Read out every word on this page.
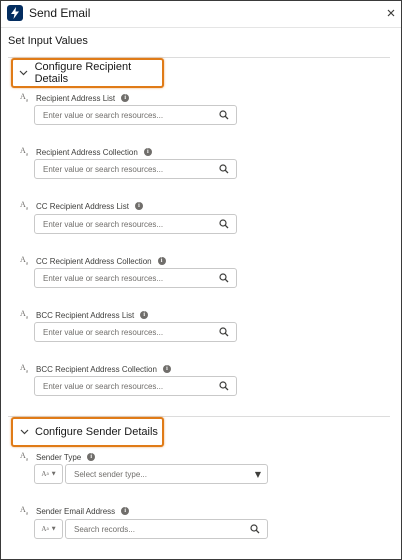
Send Email
Set Input Values
Configure Recipient Details
$A_a$ Recipient Address List	i
Enter value or search resources...
$A_a$ Recipient Address Collection	i
Enter value or search resources...
$A_a$ CC Recipient Address List	i
Enter value or search resources...
$A_a$ CC Recipient Address Collection	i
Enter value or search resources...
$A_a$ BCC Recipient Address List	i
Enter value or search resources...
$A_a$ BCC Recipient Address Collection	i
Enter value or search resources...
Configure Sender Details
$A_a$ Sender Type	i
A a ▼	Select sender type...	▼
$A_a$ Sender Email Address	i
A a ▼	Search records...
